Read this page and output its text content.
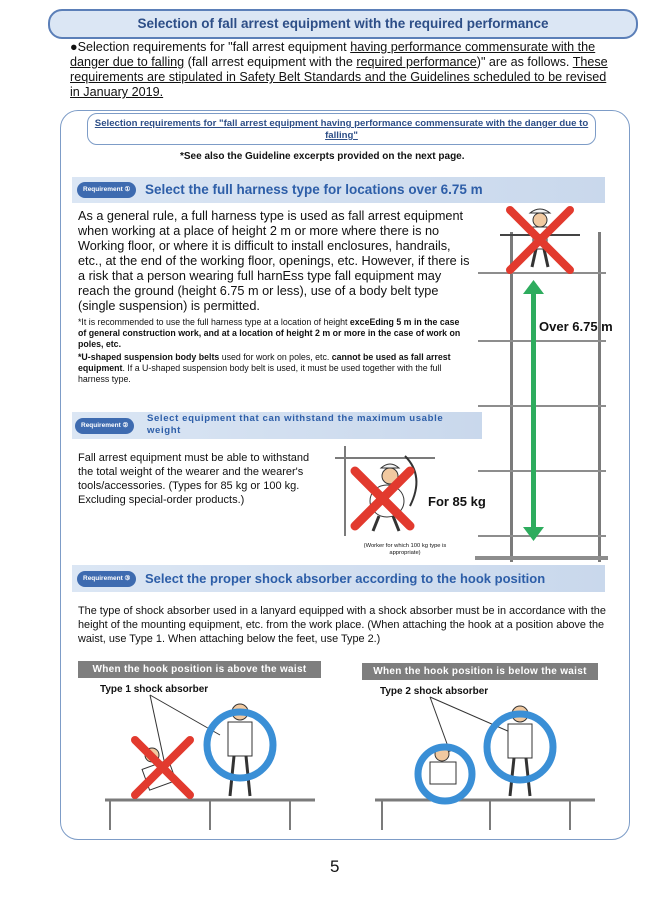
Selection of fall arrest equipment with the required performance
●Selection requirements for "fall arrest equipment having performance commensurate with the danger due to falling (fall arrest equipment with the required performance)" are as follows. These requirements are stipulated in Safety Belt Standards and the Guidelines scheduled to be revised in January 2019.
Selection requirements for "fall arrest equipment having performance commensurate with the danger due to falling"
*See also the Guideline excerpts provided on the next page.
Requirement ①	Select the full harness type for locations over 6.75 m
As a general rule, a full harness type is used as fall arrest equipment when working at a place of height 2 m or more where there is no Working floor, or where it is difficult to install enclosures, handrails, etc., at the end of the working floor, openings, etc. However, if there is a risk that a person wearing full harnEss type fall equipment may reach the ground (height 6.75 m or less), use of a body belt type (single suspension) is permitted.
*It is recommended to use the full harness type at a location of height exceEding 5 m in the case of general construction work, and at a location of height 2 m or more in the case of work on poles, etc.
*U-shaped suspension body belts used for work on poles, etc. cannot be used as fall arrest equipment. If a U-shaped suspension body belt is used, it must be used together with the full harness type.
Over 6.75 m
Requirement ②
Select equipment that can withstand the maximum usable weight
Fall arrest equipment must be able to withstand the total weight of the wearer and the wearer's tools/accessories. (Types for 85 kg or 100 kg. Excluding special-order products.)	For 85 kg
(Worker for which 100 kg type is appropriate)
Requirement ③	Select the proper shock absorber according to the hook position
The type of shock absorber used in a lanyard equipped with a shock absorber must be in accordance with the height of the mounting equipment, etc. from the work place. (When attaching the hook at a position above the waist, use Type 1. When attaching below the feet, use Type 2.)
When the hook position is above the waist
Type 1 shock absorber
When the hook position is below the waist
Type 2 shock absorber
5
